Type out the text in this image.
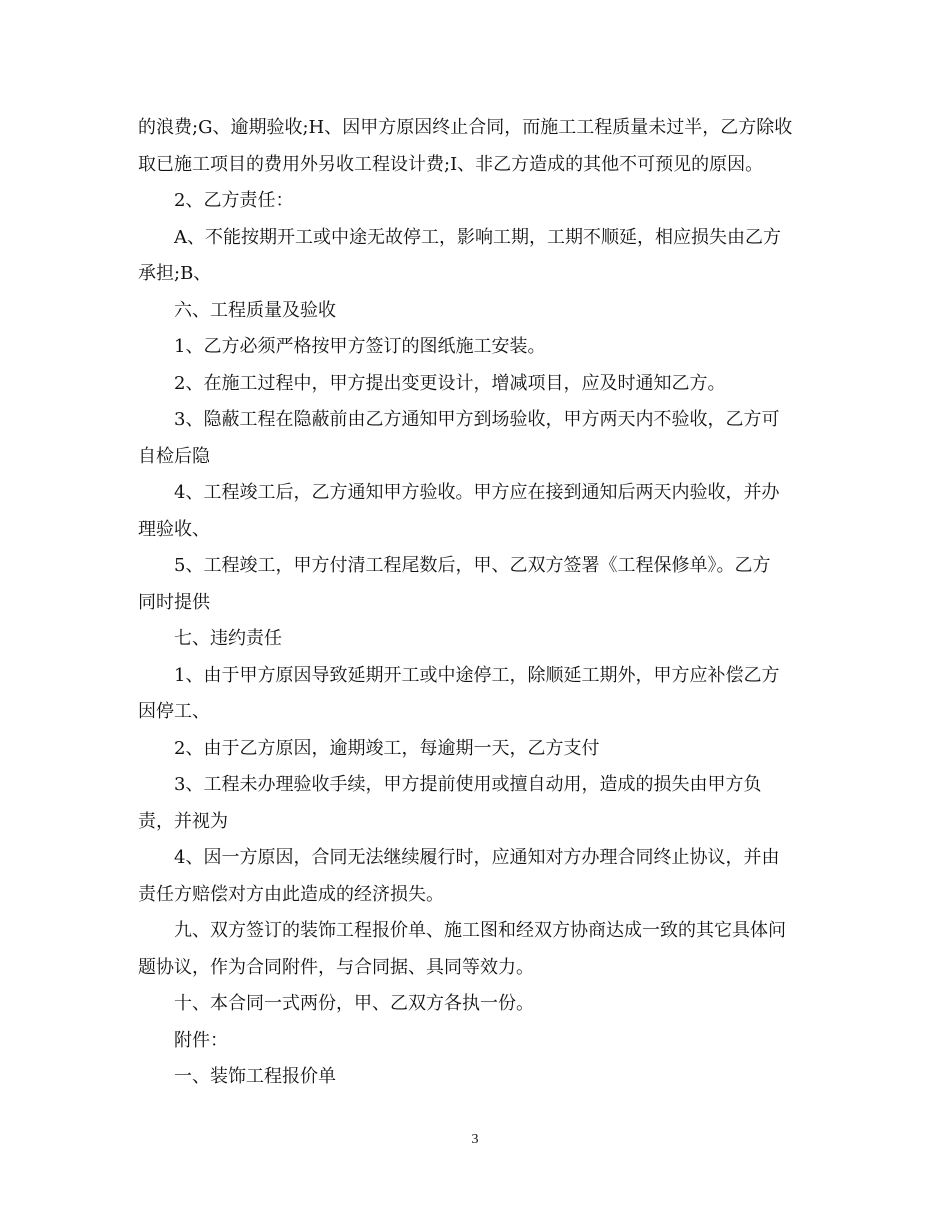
的浪费;G、逾期验收;H、因甲方原因终止合同，而施工工程质量未过半，乙方除收
取已施工项目的费用外另收工程设计费;I、非乙方造成的其他不可预见的原因。
2、乙方责任：
A、不能按期开工或中途无故停工，影响工期，工期不顺延，相应损失由乙方
承担;B、
六、工程质量及验收
1、乙方必须严格按甲方签订的图纸施工安装。
2、在施工过程中，甲方提出变更设计，增减项目，应及时通知乙方。
3、隐蔽工程在隐蔽前由乙方通知甲方到场验收，甲方两天内不验收，乙方可
自检后隐
4、工程竣工后，乙方通知甲方验收。甲方应在接到通知后两天内验收，并办
理验收、
5、工程竣工，甲方付清工程尾数后，甲、乙双方签署《工程保修单》。乙方
同时提供
七、违约责任
1、由于甲方原因导致延期开工或中途停工，除顺延工期外，甲方应补偿乙方
因停工、
2、由于乙方原因，逾期竣工，每逾期一天，乙方支付
3、工程未办理验收手续，甲方提前使用或擅自动用，造成的损失由甲方负
责，并视为
4、因一方原因，合同无法继续履行时，应通知对方办理合同终止协议，并由
责任方赔偿对方由此造成的经济损失。
九、双方签订的装饰工程报价单、施工图和经双方协商达成一致的其它具体问
题协议，作为合同附件，与合同据、具同等效力。
十、本合同一式两份，甲、乙双方各执一份。
附件：
一、装饰工程报价单
3
